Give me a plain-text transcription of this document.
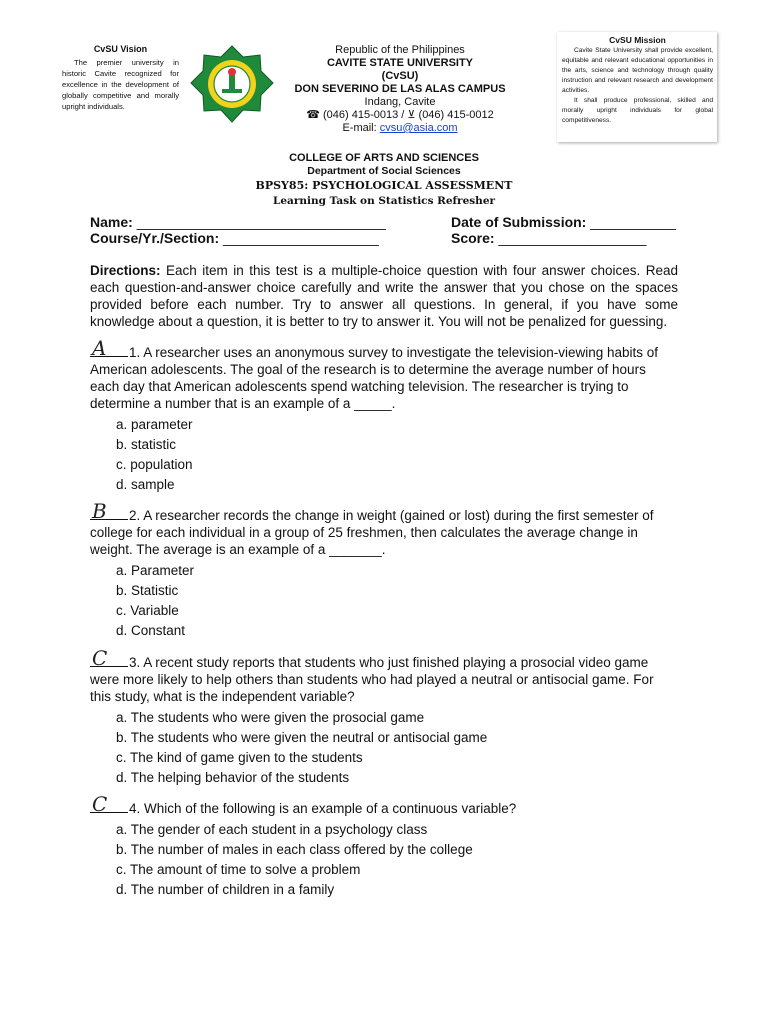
CvSU Vision
The premier university in historic Cavite recognized for excellence in the development of globally competitive and morally upright individuals.
Republic of the Philippines
CAVITE STATE UNIVERSITY
(CvSU)
DON SEVERINO DE LAS ALAS CAMPUS
Indang, Cavite
☎ (046) 415-0013 / ⊻ (046) 415-0012
E-mail: cvsu@asia.com
CvSU Mission
Cavite State University shall provide excellent, equitable and relevant educational opportunities in the arts, science and technology through quality instruction and relevant research and development activities.
It shall produce professional, skilled and morally upright individuals for global competitiveness.
COLLEGE OF ARTS AND SCIENCES
Department of Social Sciences
BPSY85: PSYCHOLOGICAL ASSESSMENT
Learning Task on Statistics Refresher
Name: ________________________________	Date of Submission: ___________
Course/Yr./Section: ____________________	Score: ___________________
Directions: Each item in this test is a multiple-choice question with four answer choices. Read each question-and-answer choice carefully and write the answer that you chose on the spaces provided before each number. Try to answer all questions. In general, if you have some knowledge about a question, it is better to try to answer it. You will not be penalized for guessing.
A 1. A researcher uses an anonymous survey to investigate the television-viewing habits of American adolescents. The goal of the research is to determine the average number of hours each day that American adolescents spend watching television. The researcher is trying to determine a number that is an example of a _____.
a. parameter
b. statistic
c. population
d. sample
B 2. A researcher records the change in weight (gained or lost) during the first semester of college for each individual in a group of 25 freshmen, then calculates the average change in weight. The average is an example of a _______.
a. Parameter
b. Statistic
c. Variable
d. Constant
C 3. A recent study reports that students who just finished playing a prosocial video game were more likely to help others than students who had played a neutral or antisocial game. For this study, what is the independent variable?
a. The students who were given the prosocial game
b. The students who were given the neutral or antisocial game
c. The kind of game given to the students
d. The helping behavior of the students
C 4. Which of the following is an example of a continuous variable?
a. The gender of each student in a psychology class
b. The number of males in each class offered by the college
c. The amount of time to solve a problem
d. The number of children in a family
